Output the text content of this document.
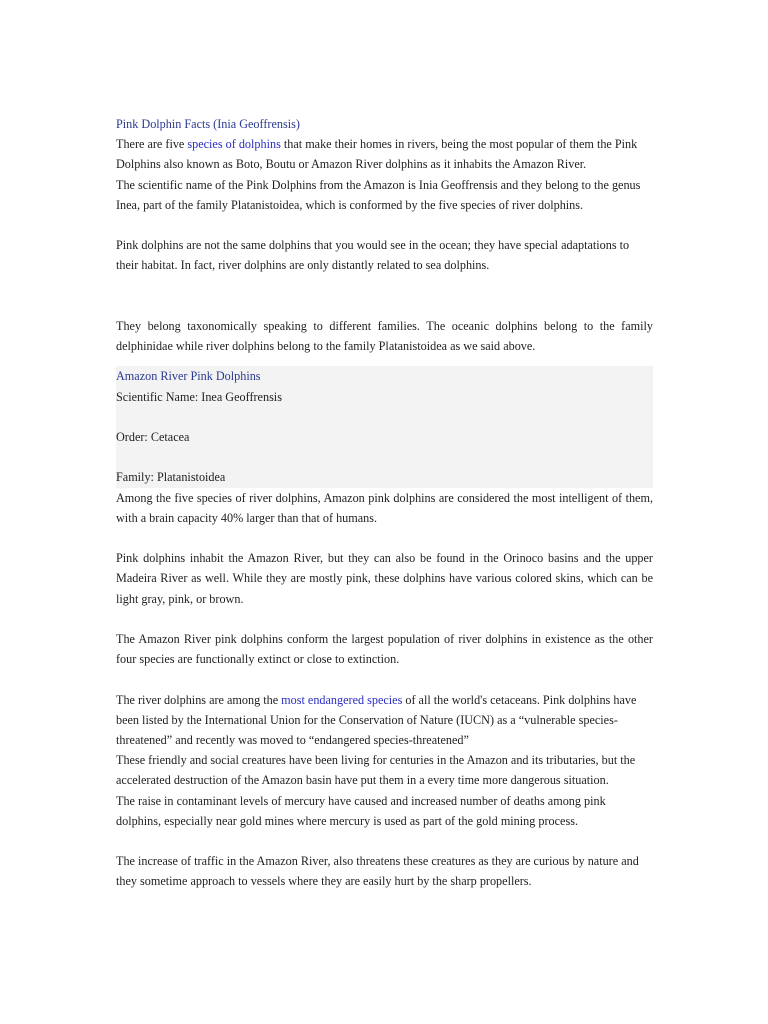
Pink Dolphin Facts (Inia Geoffrensis)

There are five species of dolphins that make their homes in rivers, being the most popular of them the Pink Dolphins also known as Boto, Boutu or Amazon River dolphins as it inhabits the Amazon River.

The scientific name of the Pink Dolphins from the Amazon is Inia Geoffrensis and they belong to the genus Inea, part of the family Platanistoidea, which is conformed by the five species of river dolphins.

Pink dolphins are not the same dolphins that you would see in the ocean; they have special adaptations to their habitat. In fact, river dolphins are only distantly related to sea dolphins.

They belong taxonomically speaking to different families. The oceanic dolphins belong to the family delphinidae while river dolphins belong to the family Platanistoidea as we said above.

Amazon River Pink Dolphins

Scientific Name: Inea Geoffrensis

Order: Cetacea

Family: Platanistoidea

Among the five species of river dolphins, Amazon pink dolphins are considered the most intelligent of them, with a brain capacity 40% larger than that of humans.

Pink dolphins inhabit the Amazon River, but they can also be found in the Orinoco basins and the upper Madeira River as well. While they are mostly pink, these dolphins have various colored skins, which can be light gray, pink, or brown.

The Amazon River pink dolphins conform the largest population of river dolphins in existence as the other four species are functionally extinct or close to extinction.

The river dolphins are among the most endangered species of all the world's cetaceans. Pink dolphins have been listed by the International Union for the Conservation of Nature (IUCN) as a “vulnerable species-threatened” and recently was moved to “endangered species-threatened”

These friendly and social creatures have been living for centuries in the Amazon and its tributaries, but the accelerated destruction of the Amazon basin have put them in a every time more dangerous situation.

The raise in contaminant levels of mercury have caused and increased number of deaths among pink dolphins, especially near gold mines where mercury is used as part of the gold mining process.

The increase of traffic in the Amazon River, also threatens these creatures as they are curious by nature and they sometime approach to vessels where they are easily hurt by the sharp propellers.
